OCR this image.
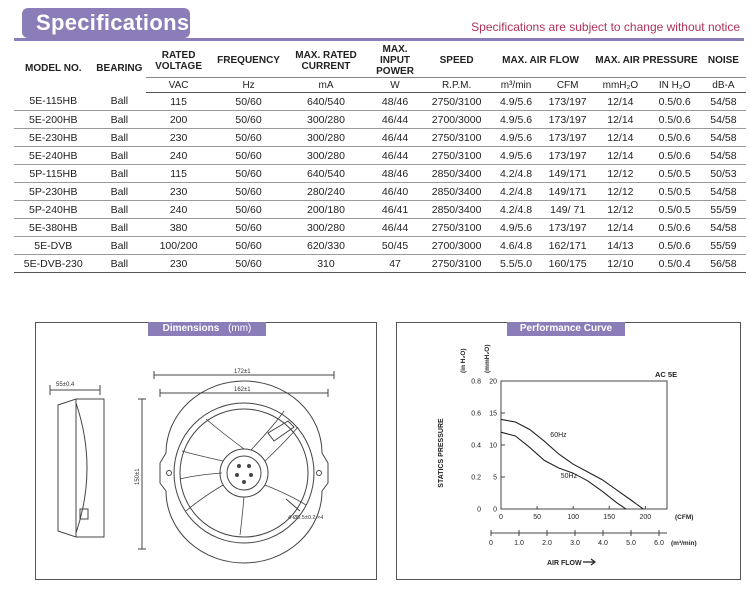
Specifications	Specifications are subject to change without notice
MODEL NO.	BEARING	RATED VOLTAGE	FREQUENCY	MAX. RATED CURRENT	MAX. INPUT POWER	SPEED	MAX. AIR FLOW		MAX. AIR PRESSURE		NOISE
		VAC	Hz	mA	W	R.P.M.	m³/min	CFM	mmH₂O	IN H₂O	dB-A
5E-115HB	Ball	115	50/60	640/540	48/46	2750/3100	4.9/5.6	173/197	12/14	0.5/0.6	54/58
5E-200HB	Ball	200	50/60	300/280	46/44	2700/3000	4.9/5.6	173/197	12/14	0.5/0.6	54/58
5E-230HB	Ball	230	50/60	300/280	46/44	2750/3100	4.9/5.6	173/197	12/14	0.5/0.6	54/58
5E-240HB	Ball	240	50/60	300/280	46/44	2750/3100	4.9/5.6	173/197	12/14	0.5/0.6	54/58
5P-115HB	Ball	115	50/60	640/540	48/46	2850/3400	4.2/4.8	149/171	12/12	0.5/0.5	50/53
5P-230HB	Ball	230	50/60	280/240	46/40	2850/3400	4.2/4.8	149/171	12/12	0.5/0.5	54/58
5P-240HB	Ball	240	50/60	200/180	46/41	2850/3400	4.2/4.8	149/ 71	12/12	0.5/0.5	55/59
5E-380HB	Ball	380	50/60	300/280	46/44	2750/3100	4.9/5.6	173/197	12/14	0.5/0.6	54/58
5E-DVB	Ball	100/200	50/60	620/330	50/45	2700/3000	4.6/4.8	162/171	14/13	0.5/0.6	55/59
5E-DVB-230	Ball	230	50/60	310	47	2750/3100	5.5/5.0	160/175	12/10	0.5/0.4	56/58
Dimensions (mm)
55±0.4
172±1
162±1
150±1
4-Ø5.5±0.2 ×4
Performance Curve
(in H₂O)	(mmH₂O)
STATICS PRESSURE
AC 5E
(CFM)
(m³/min)
AIR FLOW
0.8 20
0.6 15
0.4 10
0.2 5
0 0
0	50	100	150	200
0	1.0	2.0	3.0	4.0	5.0	6.0
60Hz
50Hz
